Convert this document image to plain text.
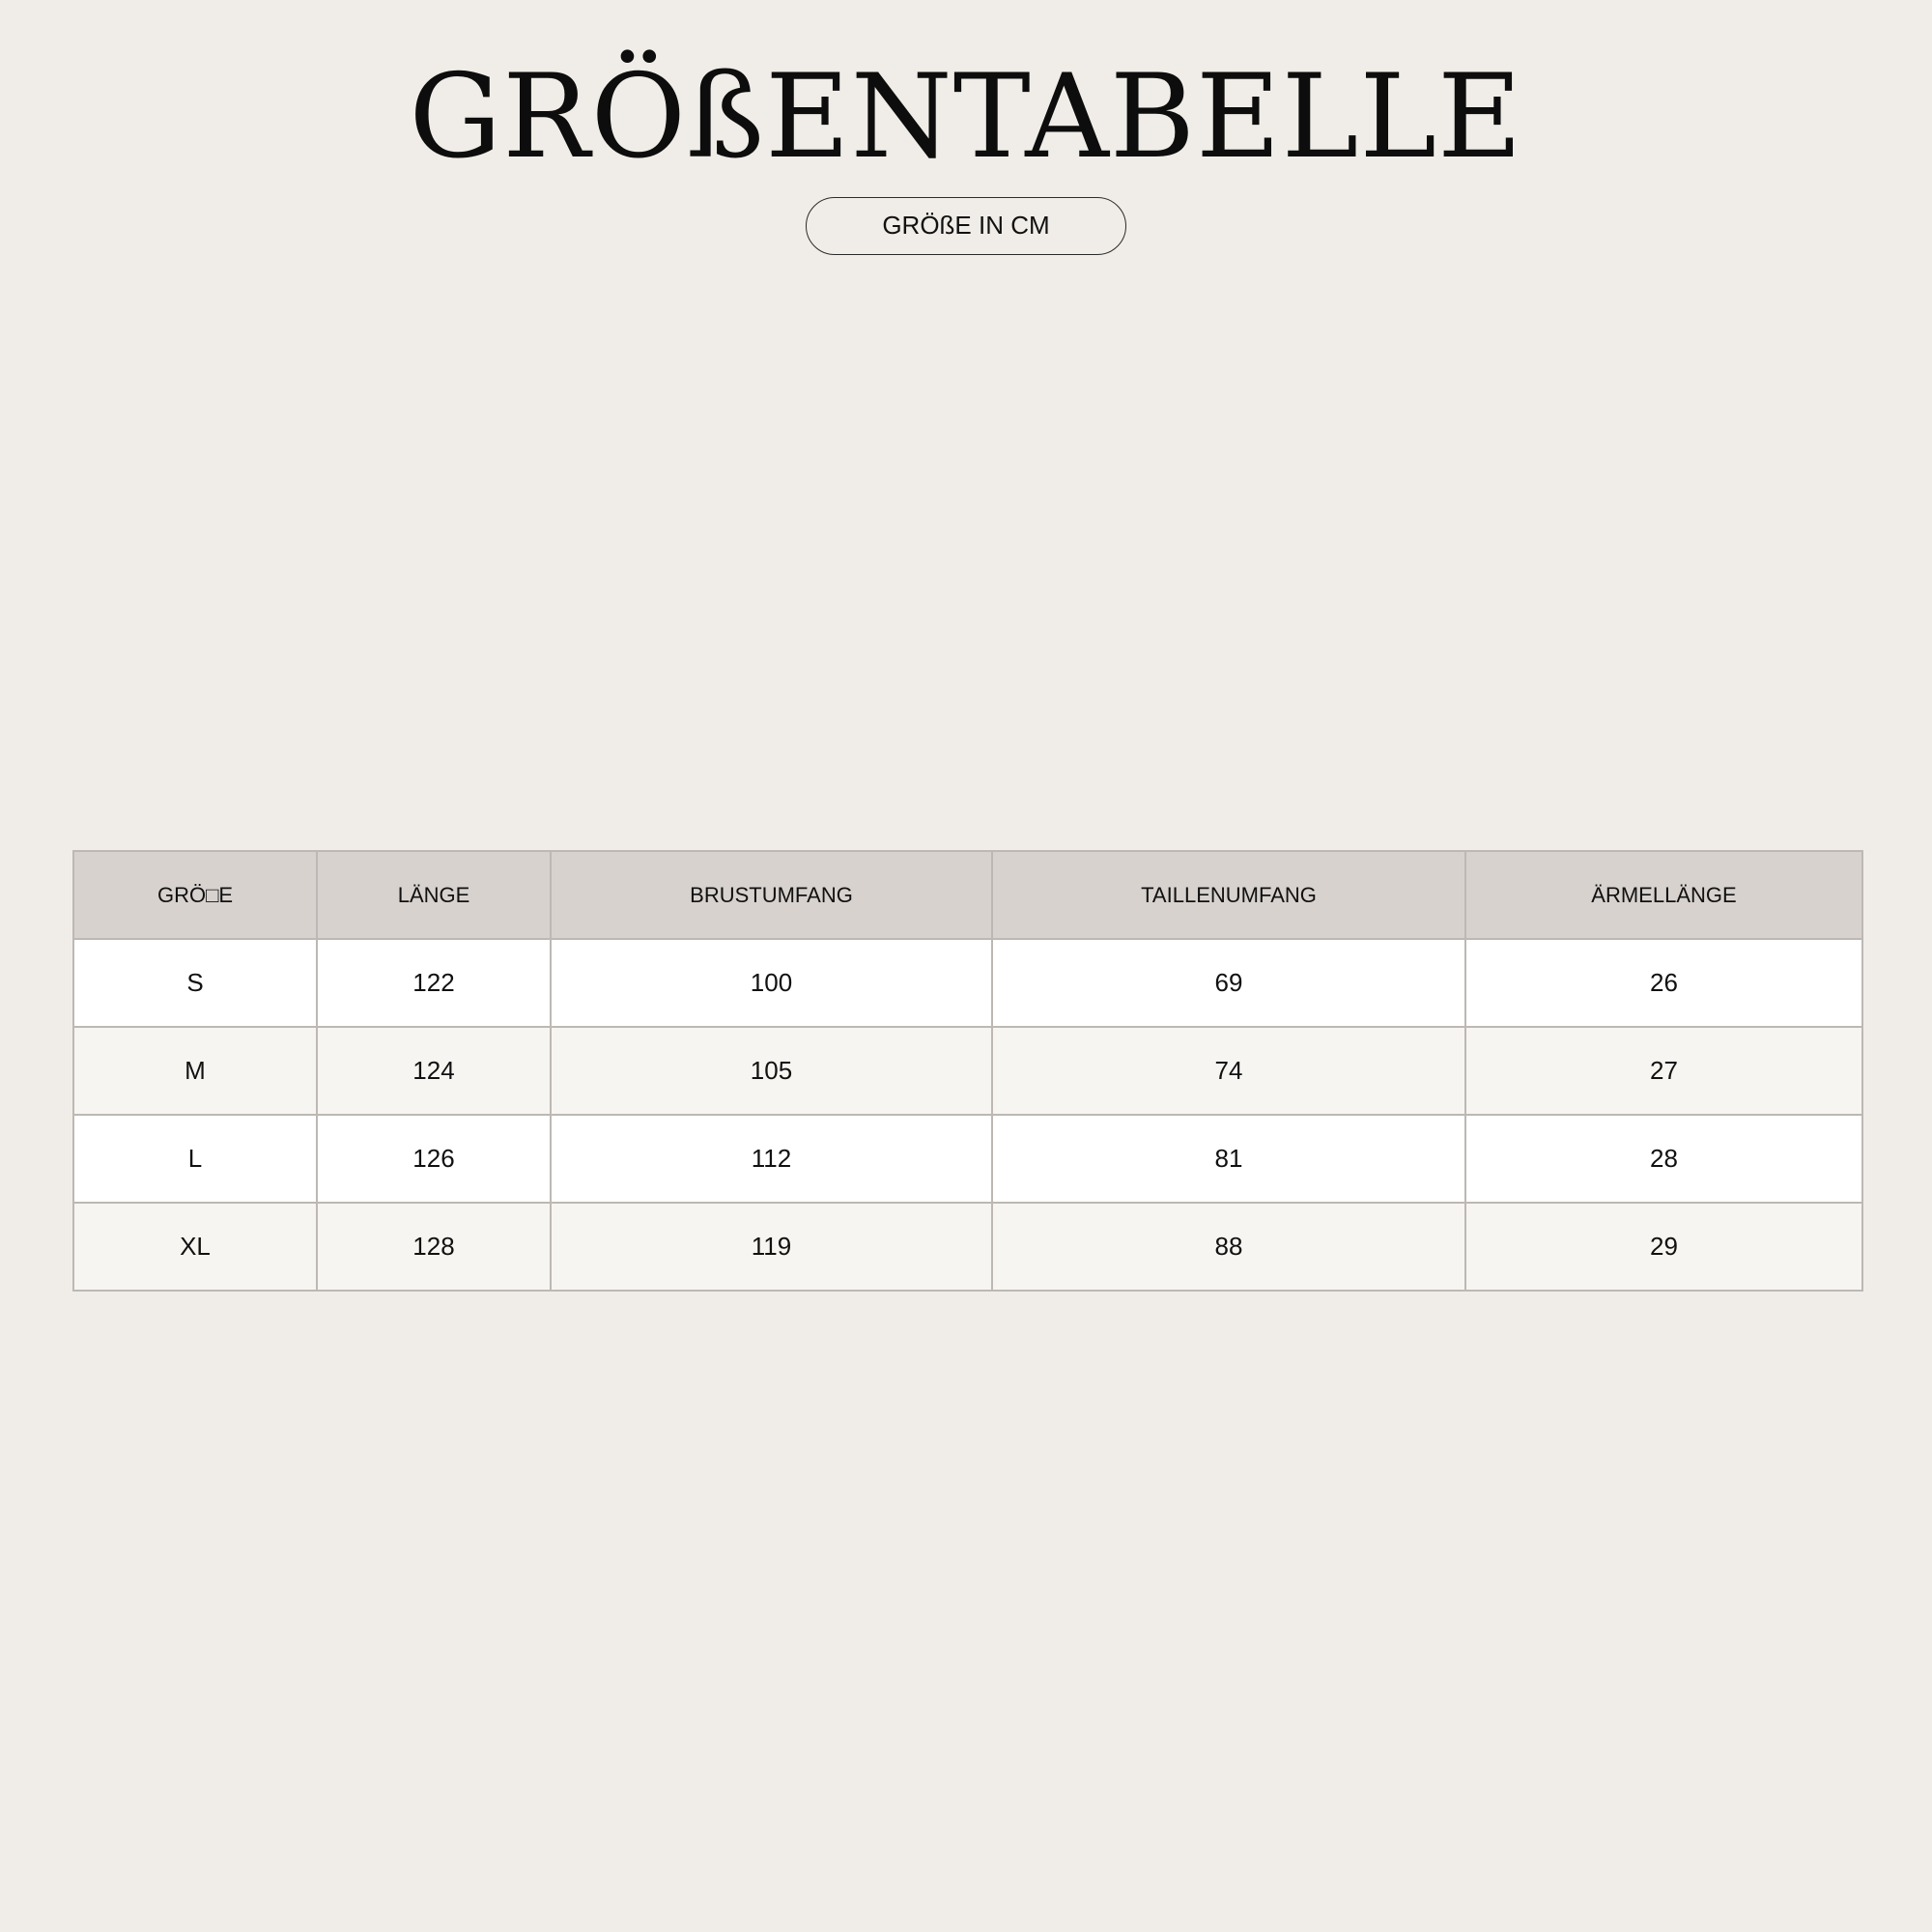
GRÖßENTABELLE
GRÖßE IN CM
GRÖ□E	LÄNGE	BRUSTUMFANG	TAILLENUMFANG	ÄRMELLÄNGE
S	122	100	69	26
M	124	105	74	27
L	126	112	81	28
XL	128	119	88	29
